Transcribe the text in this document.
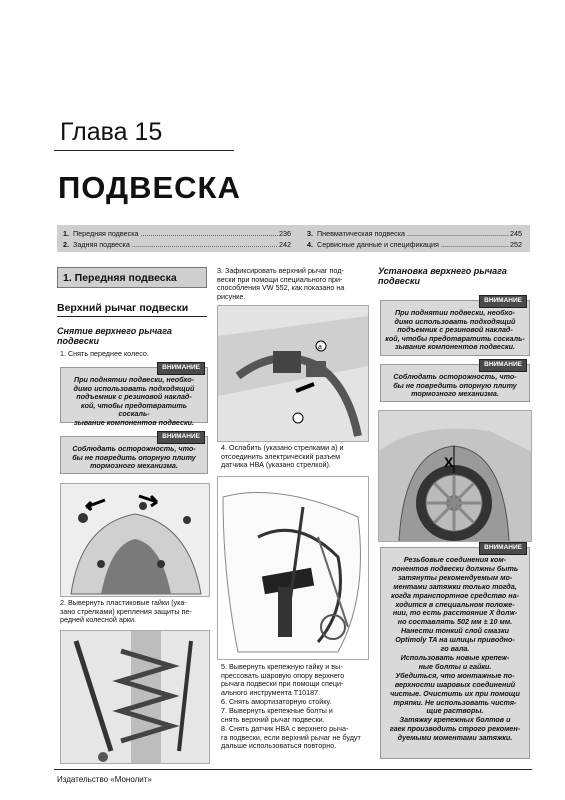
Глава 15
ПОДВЕСКА
1. Передняя подвеска .....	236
2. Задняя подвеска .....	242
3. Пневматическая подвеска .....	245
4. Сервисные данные и спецификация .....	252
1. Передняя подвеска
Верхний рычаг подвески
Снятие верхнего рычага
подвески
1. Снять переднее колесо.
ВНИМАНИЕ
При поднятии подвески, необхо-
димо использовать подходящий
подъемник с резиновой наклад-
кой, чтобы предотвратить соскаль-
зывание компонентов подвески.
ВНИМАНИЕ
Соблюдать осторожность, что-
бы не повредить опорную плиту
тормозного механизма.
2. Вывернуть пластиковые гайки (ука-
зано стрелками) крепления защиты пе-
редней колесной арки.
3. Зафиксировать верхний рычаг под-
вески при помощи специального при-
способления VW 552, как показано на
рисунке.
a
4. Ослабить (указано стрелками а) и
отсоединить электрический разъем
датчика НВА (указано стрелкой).
5. Вывернуть крепежную гайку и вы-
прессовать шаровую опору верхнего
рычага подвески при помощи специ-
ального инструмента Т10187.
6. Снять амортизаторную стойку.
7. Вывернуть крепежные болты и
снять верхний рычаг подвески.
8. Снять датчик НВА с верхнего рыча-
га подвески, если верхний рычаг не будут
дальше использоваться повторно.
Установка верхнего рычага
подвески
ВНИМАНИЕ
При поднятии подвески, необхо-
димо использовать подходящий
подъемник с резиновой наклад-
кой, чтобы предотвратить соскаль-
зывание компонентов подвески.
ВНИМАНИЕ
Соблюдать осторожность, что-
бы не повредить опорную плиту
тормозного механизма.
X
ВНИМАНИЕ
Резьбовые соединения ком-
понентов подвески должны быть
затянуты рекомендуемым мо-
ментами затяжки только тогда,
когда транспортное средство на-
ходится в специальном положе-
нии, то есть расстояние X долж-
но составлять 502 мм ± 10 мм.
Нанести тонкий слой смазки
Optimoly TA на шлицы приводно-
го вала.
Использовать новые крепеж-
ные болты и гайки.
Убедиться, что монтажные по-
верхности шаровых соединений
чистые. Очистить их при помощи
тряпки. Не использовать чистя-
щие растворы.
Затяжку крепежных болтов и
гаек производить строго рекомен-
дуемыми моментами затяжки.
Издательство «Монолит»
